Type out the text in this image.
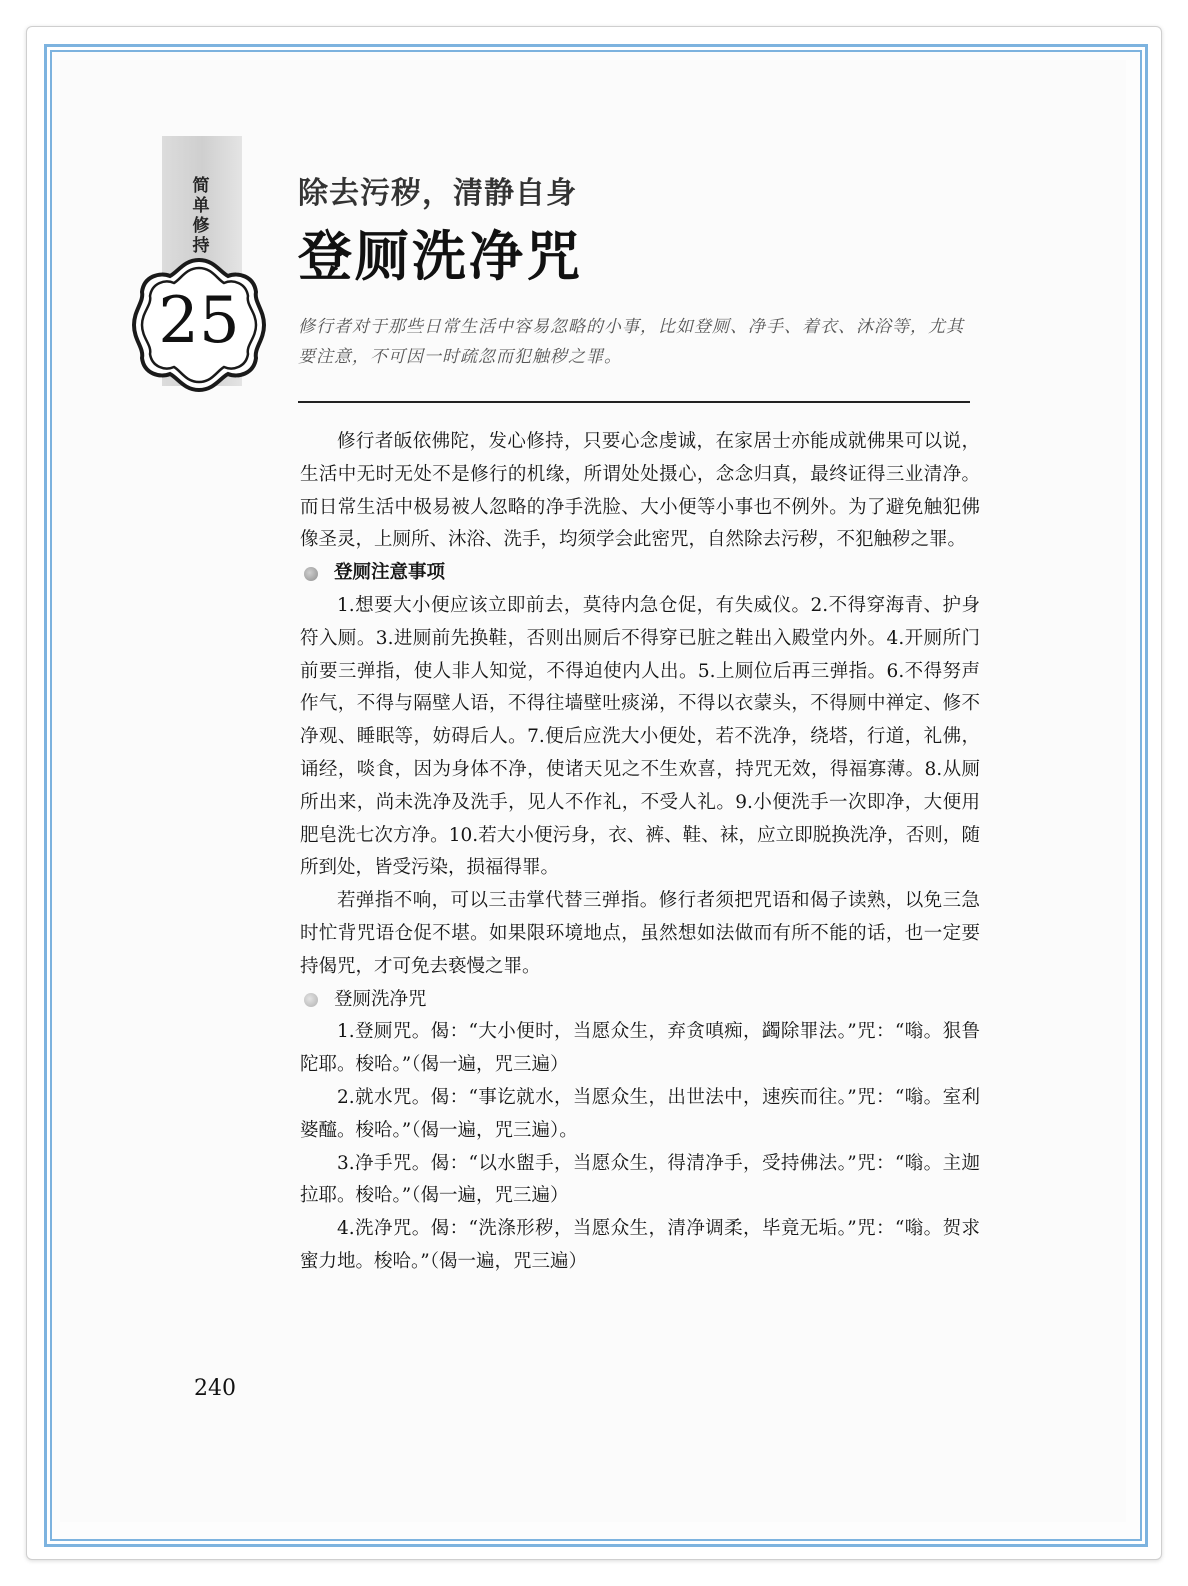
简单修持
25
除去污秽，清静自身
登厕洗净咒
修行者对于那些日常生活中容易忽略的小事，比如登厕、净手、着衣、沐浴等，尤其要注意，不可因一时疏忽而犯触秽之罪。

修行者皈依佛陀，发心修持，只要心念虔诚，在家居士亦能成就佛果可以说，生活中无时无处不是修行的机缘，所谓处处摄心，念念归真，最终证得三业清净。而日常生活中极易被人忽略的净手洗脸、大小便等小事也不例外。为了避免触犯佛像圣灵，上厕所、沐浴、洗手，均须学会此密咒，自然除去污秽，不犯触秽之罪。

登厕注意事项

1.想要大小便应该立即前去，莫待内急仓促，有失威仪。2.不得穿海青、护身符入厕。3.进厕前先换鞋，否则出厕后不得穿已脏之鞋出入殿堂内外。4.开厕所门前要三弹指，使人非人知觉，不得迫使内人出。5.上厕位后再三弹指。6.不得努声作气，不得与隔壁人语，不得往墙壁吐痰涕，不得以衣蒙头，不得厕中禅定、修不净观、睡眠等，妨碍后人。7.便后应洗大小便处，若不洗净，绕塔，行道，礼佛，诵经，啖食，因为身体不净，使诸天见之不生欢喜，持咒无效，得福寡薄。8.从厕所出来，尚未洗净及洗手，见人不作礼，不受人礼。9.小便洗手一次即净，大便用肥皂洗七次方净。10.若大小便污身，衣、裤、鞋、袜，应立即脱换洗净，否则，随所到处，皆受污染，损福得罪。

若弹指不响，可以三击掌代替三弹指。修行者须把咒语和偈子读熟，以免三急时忙背咒语仓促不堪。如果限环境地点，虽然想如法做而有所不能的话，也一定要持偈咒，才可免去亵慢之罪。

登厕洗净咒

1.登厕咒。偈：“大小便时，当愿众生，弃贪嗔痴，蠲除罪法。”咒：“嗡。狠鲁陀耶。梭哈。”（偈一遍，咒三遍）

2.就水咒。偈：“事讫就水，当愿众生，出世法中，速疾而往。”咒：“嗡。室利婆醯。梭哈。”（偈一遍，咒三遍）。

3.净手咒。偈：“以水盥手，当愿众生，得清净手，受持佛法。”咒：“嗡。主迦拉耶。梭哈。”（偈一遍，咒三遍）

4.洗净咒。偈：“洗涤形秽，当愿众生，清净调柔，毕竟无垢。”咒：“嗡。贺求蜜力地。梭哈。”（偈一遍，咒三遍）

240
